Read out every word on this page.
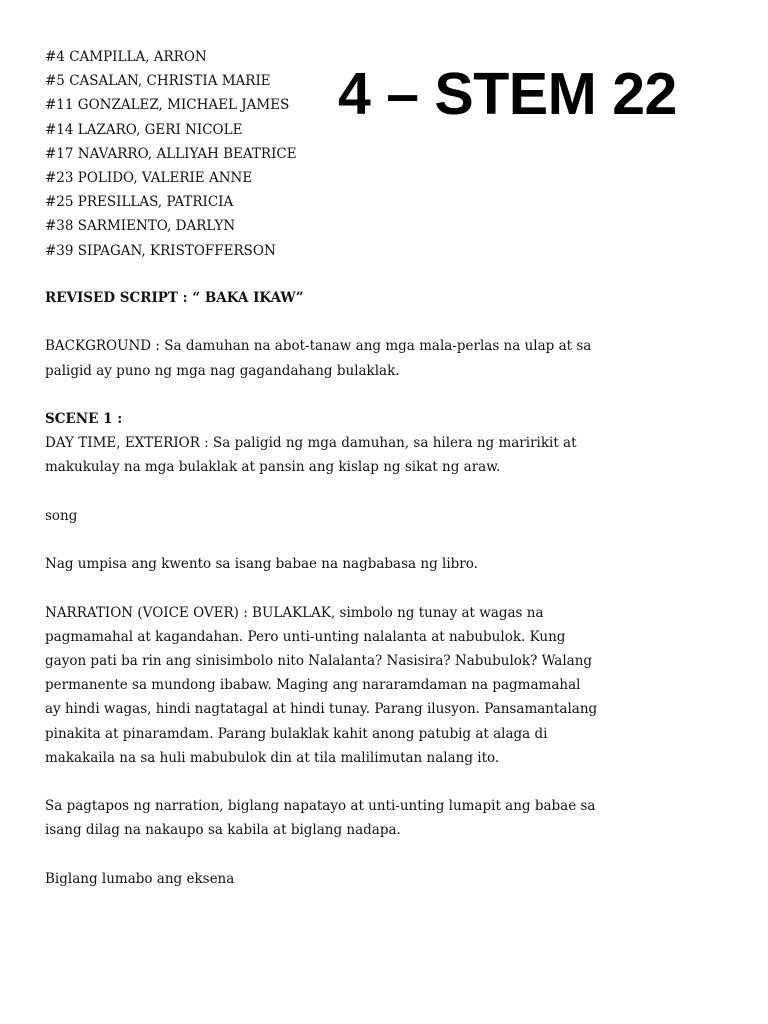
#4 CAMPILLA, ARRON
#5 CASALAN, CHRISTIA MARIE
#11 GONZALEZ, MICHAEL JAMES
#14 LAZARO, GERI NICOLE
#17 NAVARRO, ALLIYAH BEATRICE
#23 POLIDO, VALERIE ANNE
#25 PRESILLAS, PATRICIA
#38 SARMIENTO, DARLYN
#39 SIPAGAN, KRISTOFFERSON
4 – STEM 22

REVISED SCRIPT : “ BAKA IKAW”

BACKGROUND : Sa damuhan na abot-tanaw ang mga mala-perlas na ulap at sa
paligid ay puno ng mga nag gagandahang bulaklak.

SCENE 1 :
DAY TIME, EXTERIOR : Sa paligid ng mga damuhan, sa hilera ng maririkit at
makukulay na mga bulaklak at pansin ang kislap ng sikat ng araw.

song

Nag umpisa ang kwento sa isang babae na nagbabasa ng libro.

NARRATION (VOICE OVER) : BULAKLAK, simbolo ng tunay at wagas na
pagmamahal at kagandahan. Pero unti-unting nalalanta at nabubulok. Kung
gayon pati ba rin ang sinisimbolo nito Nalalanta? Nasisira? Nabubulok? Walang
permanente sa mundong ibabaw. Maging ang nararamdaman na pagmamahal
ay hindi wagas, hindi nagtatagal at hindi tunay. Parang ilusyon. Pansamantalang
pinakita at pinaramdam. Parang bulaklak kahit anong patubig at alaga di
makakaila na sa huli mabubulok din at tila malilimutan nalang ito.

Sa pagtapos ng narration, biglang napatayo at unti-unting lumapit ang babae sa
isang dilag na nakaupo sa kabila at biglang nadapa.

Biglang lumabo ang eksena
